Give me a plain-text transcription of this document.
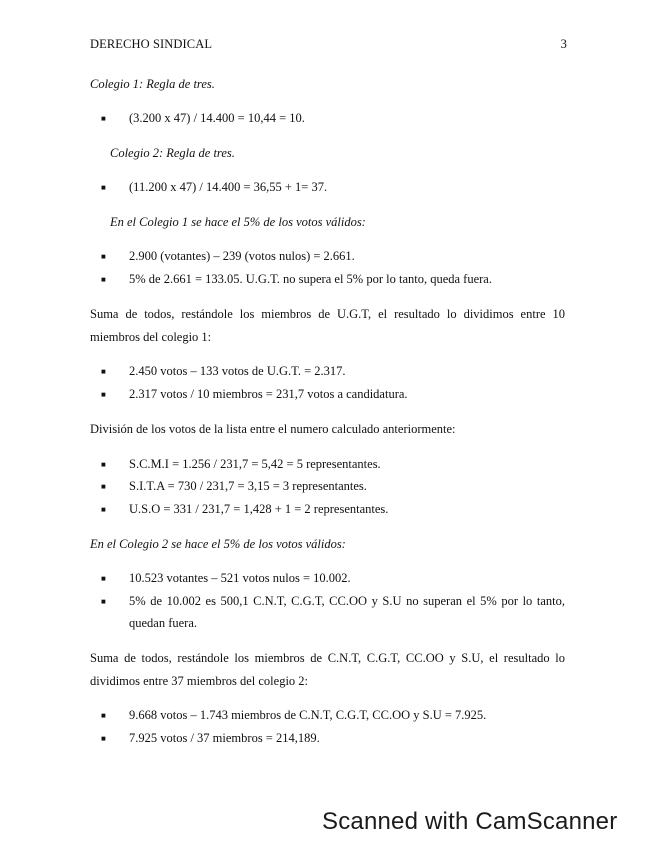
DERECHO SINDICAL	3
Colegio 1: Regla de tres.
■ (3.200 x 47) / 14.400 = 10,44 = 10.
Colegio 2: Regla de tres.
■ (11.200 x 47) / 14.400 = 36,55 + 1= 37.
En el Colegio 1 se hace el 5% de los votos válidos:
■ 2.900 (votantes) – 239 (votos nulos) = 2.661.
■ 5% de 2.661 = 133.05. U.G.T. no supera el 5% por lo tanto, queda fuera.
Suma de todos, restándole los miembros de U.G.T, el resultado lo dividimos entre 10
miembros del colegio 1:
■ 2.450 votos – 133 votos de U.G.T. = 2.317.
■ 2.317 votos / 10 miembros = 231,7 votos a candidatura.
División de los votos de la lista entre el numero calculado anteriormente:
■ S.C.M.I = 1.256 / 231,7 = 5,42 = 5 representantes.
■ S.I.T.A = 730 / 231,7 = 3,15 = 3 representantes.
■ U.S.O = 331 / 231,7 = 1,428 + 1 = 2 representantes.
En el Colegio 2 se hace el 5% de los votos válidos:
■ 10.523 votantes – 521 votos nulos = 10.002.
■ 5% de 10.002 es 500,1 C.N.T, C.G.T, CC.OO y S.U no superan el 5% por lo tanto,
quedan fuera.
Suma de todos, restándole los miembros de C.N.T, C.G.T, CC.OO y S.U, el resultado lo
dividimos entre 37 miembros del colegio 2:
■ 9.668 votos – 1.743 miembros de C.N.T, C.G.T, CC.OO y S.U = 7.925.
■ 7.925 votos / 37 miembros = 214,189.
Scanned with CamScanner
